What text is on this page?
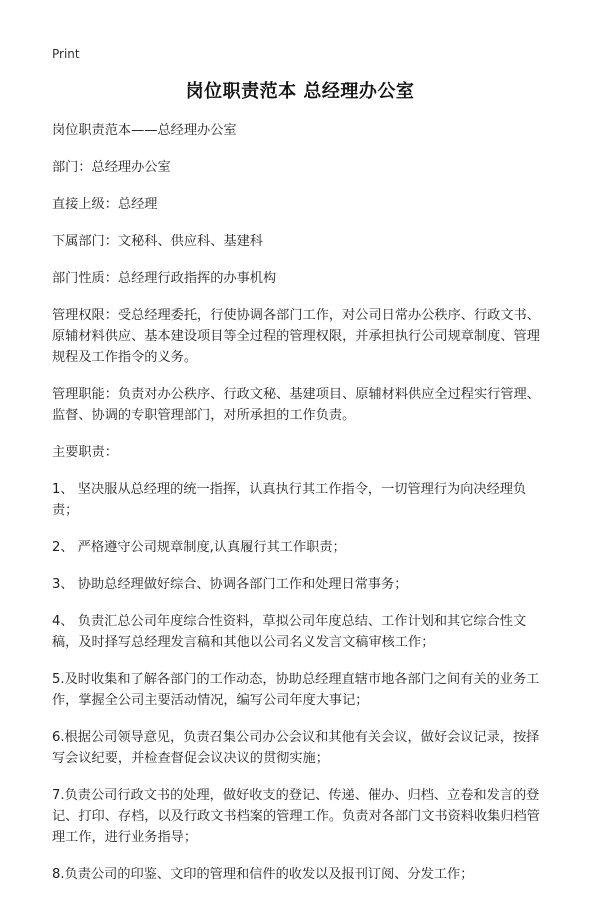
Print
岗位职责范本 总经理办公室

岗位职责范本——总经理办公室

部门：总经理办公室

直接上级：总经理

下属部门：文秘科、供应科、基建科

部门性质：总经理行政指挥的办事机构

管理权限：受总经理委托，行使协调各部门工作，对公司日常办公秩序、行政文书、原辅材料供应、基本建设项目等全过程的管理权限，并承担执行公司规章制度、管理规程及工作指令的义务。

管理职能：负责对办公秩序、行政文秘、基建项目、原辅材料供应全过程实行管理、监督、协调的专职管理部门，对所承担的工作负责。

主要职责：

1、 坚决服从总经理的统一指挥，认真执行其工作指令，一切管理行为向决经理负责；

2、 严格遵守公司规章制度,认真履行其工作职责；

3、 协助总经理做好综合、协调各部门工作和处理日常事务；

4、 负责汇总公司年度综合性资料，草拟公司年度总结、工作计划和其它综合性文稿，及时择写总经理发言稿和其他以公司名义发言文稿审核工作；

5.及时收集和了解各部门的工作动态，协助总经理直辖市地各部门之间有关的业务工作，掌握全公司主要活动情况，编写公司年度大事记；

6.根据公司领导意见，负责召集公司办公会议和其他有关会议，做好会议记录，按择写会议纪要，并检查督促会议决议的贯彻实施；

7.负责公司行政文书的处理，做好收支的登记、传递、催办、归档、立卷和发言的登记、打印、存档，以及行政文书档案的管理工作。负责对各部门文书资料收集归档管理工作，进行业务指导；

8.负责公司的印鉴、文印的管理和信件的收发以及报刊订阅、分发工作；
